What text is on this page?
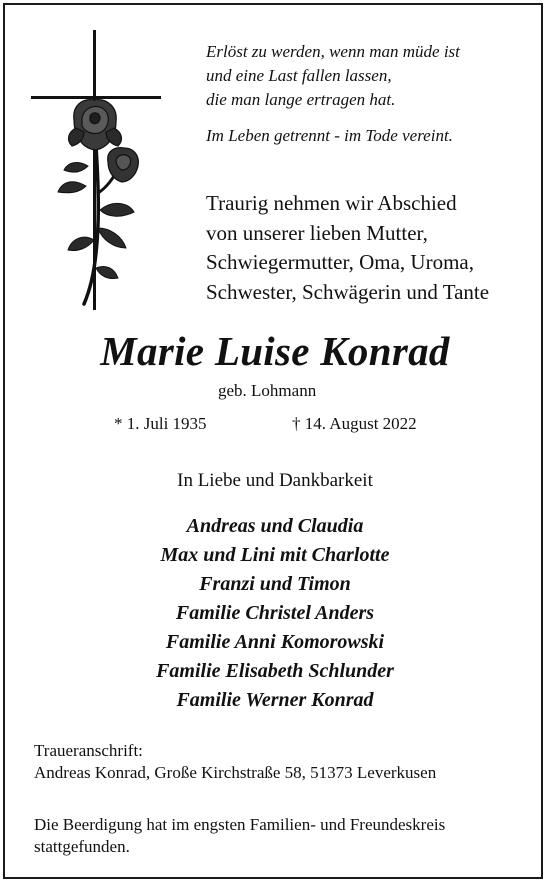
Erlöst zu werden, wenn man müde ist

und eine Last fallen lassen,

die man lange ertragen hat.

Im Leben getrennt - im Tode vereint.

Traurig nehmen wir Abschied

von unserer lieben Mutter,

Schwiegermutter, Oma, Uroma,

Schwester, Schwägerin und Tante

Marie Luise Konrad
geb. Lohmann
* 1. Juli 1935	† 14. August 2022
In Liebe und Dankbarkeit

Andreas und Claudia

Max und Lini mit Charlotte

Franzi und Timon

Familie Christel Anders

Familie Anni Komorowski

Familie Elisabeth Schlunder

Familie Werner Konrad

Traueranschrift:

Andreas Konrad, Große Kirchstraße 58, 51373 Leverkusen

Die Beerdigung hat im engsten Familien- und Freundeskreis

stattgefunden.
